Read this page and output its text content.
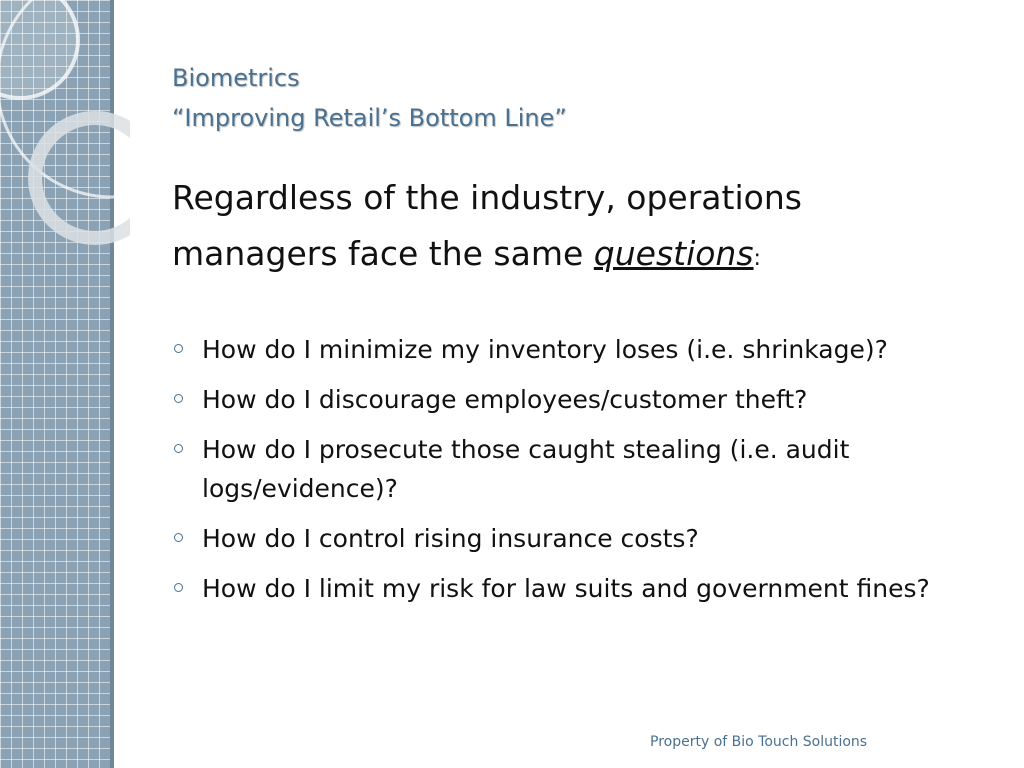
Biometrics
“Improving Retail’s Bottom Line”
Regardless of the industry, operations managers face the same questions:
How do I minimize my inventory loses (i.e. shrinkage)?
How do I discourage employees/customer theft?
How do I prosecute those caught stealing (i.e. audit logs/evidence)?
How do I control rising insurance costs?
How do I limit my risk for law suits and government fines?
Property of Bio Touch Solutions
